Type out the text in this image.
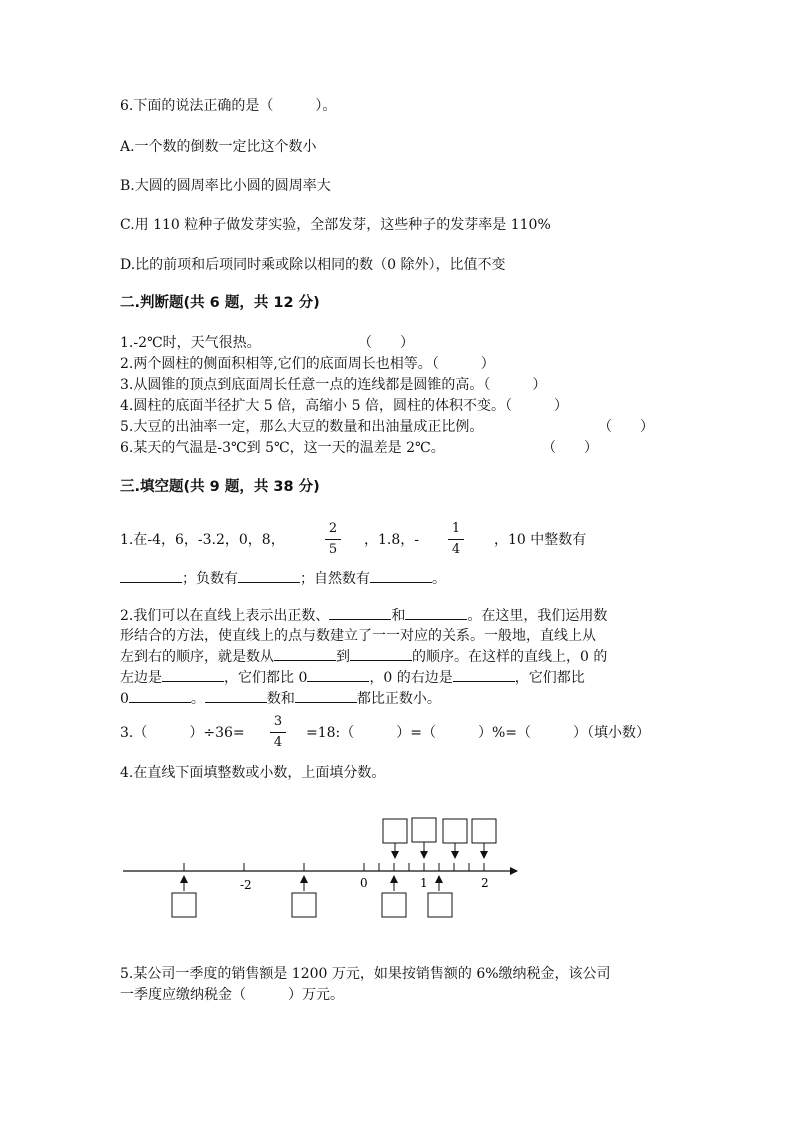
6.下面的说法正确的是（　　　）。
A.一个数的倒数一定比这个数小
B.大圆的圆周率比小圆的圆周率大
C.用 110 粒种子做发芽实验，全部发芽，这些种子的发芽率是 110%
D.比的前项和后项同时乘或除以相同的数（0 除外），比值不变
二.判断题(共 6 题，共 12 分)
1.-2℃时，天气很热。	（　　）
2.两个圆柱的侧面积相等,它们的底面周长也相等。（　　　）
3.从圆锥的顶点到底面周长任意一点的连线都是圆锥的高。（　　　）
4.圆柱的底面半径扩大 5 倍，高缩小 5 倍，圆柱的体积不变。（　　　）
5.大豆的出油率一定，那么大豆的数量和出油量成正比例。	（　　）
6.某天的气温是-3℃到 5℃，这一天的温差是 2℃。	（　　）
三.填空题(共 9 题，共 38 分)
1.在-4，6，-3.2，0，8，
2
5
，1.8，-
1
4
，10 中整数有
；负数有	；自然数有	。
2.我们可以在直线上表示出正数、	和	。在这里，我们运用数
形结合的方法，使直线上的点与数建立了一一对应的关系。一般地，直线上从
左到右的顺序，就是数从	到	的顺序。在这样的直线上，0 的
左边是	，它们都比 0	，0 的右边是	，它们都比
0	。	数和	都比正数小。
3.（　　　）÷36=
3
4
=18:（　　　）=（　　　）%=（　　　）（填小数）
4.在直线下面填整数或小数，上面填分数。
-2	0	1	2
5.某公司一季度的销售额是 1200 万元，如果按销售额的 6%缴纳税金，该公司
一季度应缴纳税金（　　　）万元。
